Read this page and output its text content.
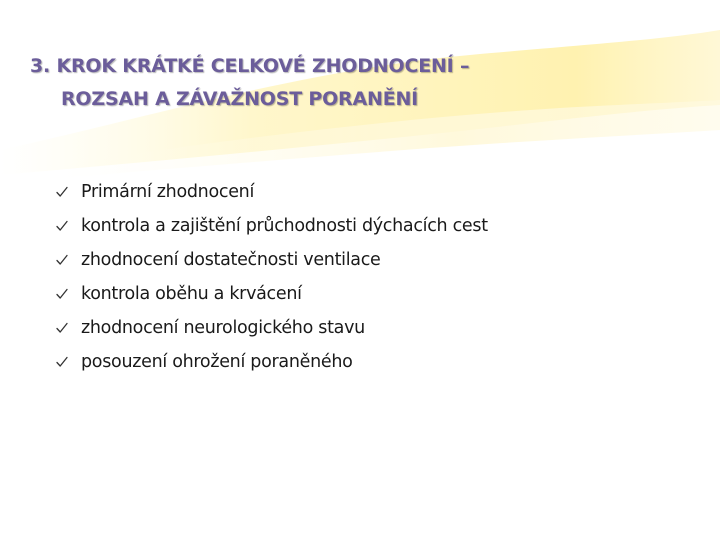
3. KROK KRÁTKÉ CELKOVÉ ZHODNOCENÍ –
ROZSAH A ZÁVAŽNOST PORANĚNÍ
Primární zhodnocení
kontrola a zajištění průchodnosti dýchacích cest
zhodnocení dostatečnosti ventilace
kontrola oběhu a krvácení
zhodnocení neurologického stavu
posouzení ohrožení poraněného
